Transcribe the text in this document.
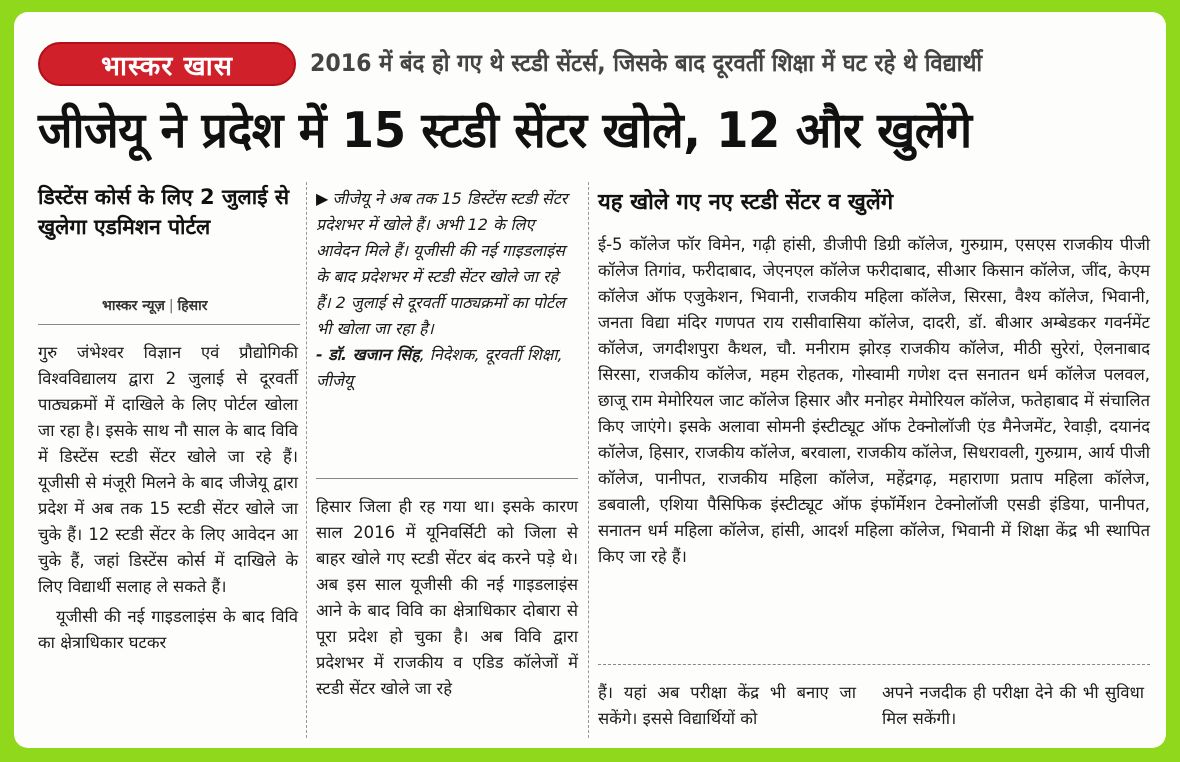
भास्कर खास	2016 में बंद हो गए थे स्टडी सेंटर्स, जिसके बाद दूरवर्ती शिक्षा में घट रहे थे विद्यार्थी
जीजेयू ने प्रदेश में 15 स्टडी सेंटर खोले, 12 और खुलेंगे
डिस्टेंस कोर्स के लिए 2 जुलाई से खुलेगा एडमिशन पोर्टल
भास्कर न्यूज़ | हिसार

गुरु जंभेश्वर विज्ञान एवं प्रौद्योगिकी विश्वविद्यालय द्वारा 2 जुलाई से दूरवर्ती पाठ्यक्रमों में दाखिले के लिए पोर्टल खोला जा रहा है। इसके साथ नौ साल के बाद विवि में डिस्टेंस स्टडी सेंटर खोले जा रहे हैं। यूजीसी से मंजूरी मिलने के बाद जीजेयू द्वारा प्रदेश में अब तक 15 स्टडी सेंटर खोले जा चुके हैं। 12 स्टडी सेंटर के लिए आवेदन आ चुके हैं, जहां डिस्टेंस कोर्स में दाखिले के लिए विद्यार्थी सलाह ले सकते हैं।

यूजीसी की नई गाइडलाइंस के बाद विवि का क्षेत्राधिकार घटकर

▶ जीजेयू ने अब तक 15 डिस्टेंस स्टडी सेंटर प्रदेशभर में खोले हैं। अभी 12 के लिए आवेदन मिले हैं। यूजीसी की नई गाइडलाइंस के बाद प्रदेशभर में स्टडी सेंटर खोले जा रहे हैं। 2 जुलाई से दूरवर्ती पाठ्यक्रमों का पोर्टल भी खोला जा रहा है।
- डॉ. खजान सिंह, निदेशक, दूरवर्ती शिक्षा, जीजेयू
हिसार जिला ही रह गया था। इसके कारण साल 2016 में यूनिवर्सिटी को जिला से बाहर खोले गए स्टडी सेंटर बंद करने पड़े थे। अब इस साल यूजीसी की नई गाइडलाइंस आने के बाद विवि का क्षेत्राधिकार दोबारा से पूरा प्रदेश हो चुका है। अब विवि द्वारा प्रदेशभर में राजकीय व एडिड कॉलेजों में स्टडी सेंटर खोले जा रहे
यह खोले गए नए स्टडी सेंटर व खुलेंगे
ई-5 कॉलेज फॉर विमेन, गढ़ी हांसी, डीजीपी डिग्री कॉलेज, गुरुग्राम, एसएस राजकीय पीजी कॉलेज तिगांव, फरीदाबाद, जेएनएल कॉलेज फरीदाबाद, सीआर किसान कॉलेज, जींद, केएम कॉलेज ऑफ एजुकेशन, भिवानी, राजकीय महिला कॉलेज, सिरसा, वैश्य कॉलेज, भिवानी, जनता विद्या मंदिर गणपत राय रासीवासिया कॉलेज, दादरी, डॉ. बीआर अम्बेडकर गवर्नमेंट कॉलेज, जगदीशपुरा कैथल, चौ. मनीराम झोरड़ राजकीय कॉलेज, मीठी सुरेरां, ऐलनाबाद सिरसा, राजकीय कॉलेज, महम रोहतक, गोस्वामी गणेश दत्त सनातन धर्म कॉलेज पलवल, छाजू राम मेमोरियल जाट कॉलेज हिसार और मनोहर मेमोरियल कॉलेज, फतेहाबाद में संचालित किए जाएंगे। इसके अलावा सोमनी इंस्टीट्यूट ऑफ टेक्नोलॉजी एंड मैनेजमेंट, रेवाड़ी, दयानंद कॉलेज, हिसार, राजकीय कॉलेज, बरवाला, राजकीय कॉलेज, सिधरावली, गुरुग्राम, आर्य पीजी कॉलेज, पानीपत, राजकीय महिला कॉलेज, महेंद्रगढ़, महाराणा प्रताप महिला कॉलेज, डबवाली, एशिया पैसिफिक इंस्टीट्यूट ऑफ इंफॉर्मेशन टेक्नोलॉजी एसडी इंडिया, पानीपत, सनातन धर्म महिला कॉलेज, हांसी, आदर्श महिला कॉलेज, भिवानी में शिक्षा केंद्र भी स्थापित किए जा रहे हैं।
हैं। यहां अब परीक्षा केंद्र भी बनाए जा सकेंगे। इससे विद्यार्थियों को
अपने नजदीक ही परीक्षा देने की भी सुविधा मिल सकेंगी।
